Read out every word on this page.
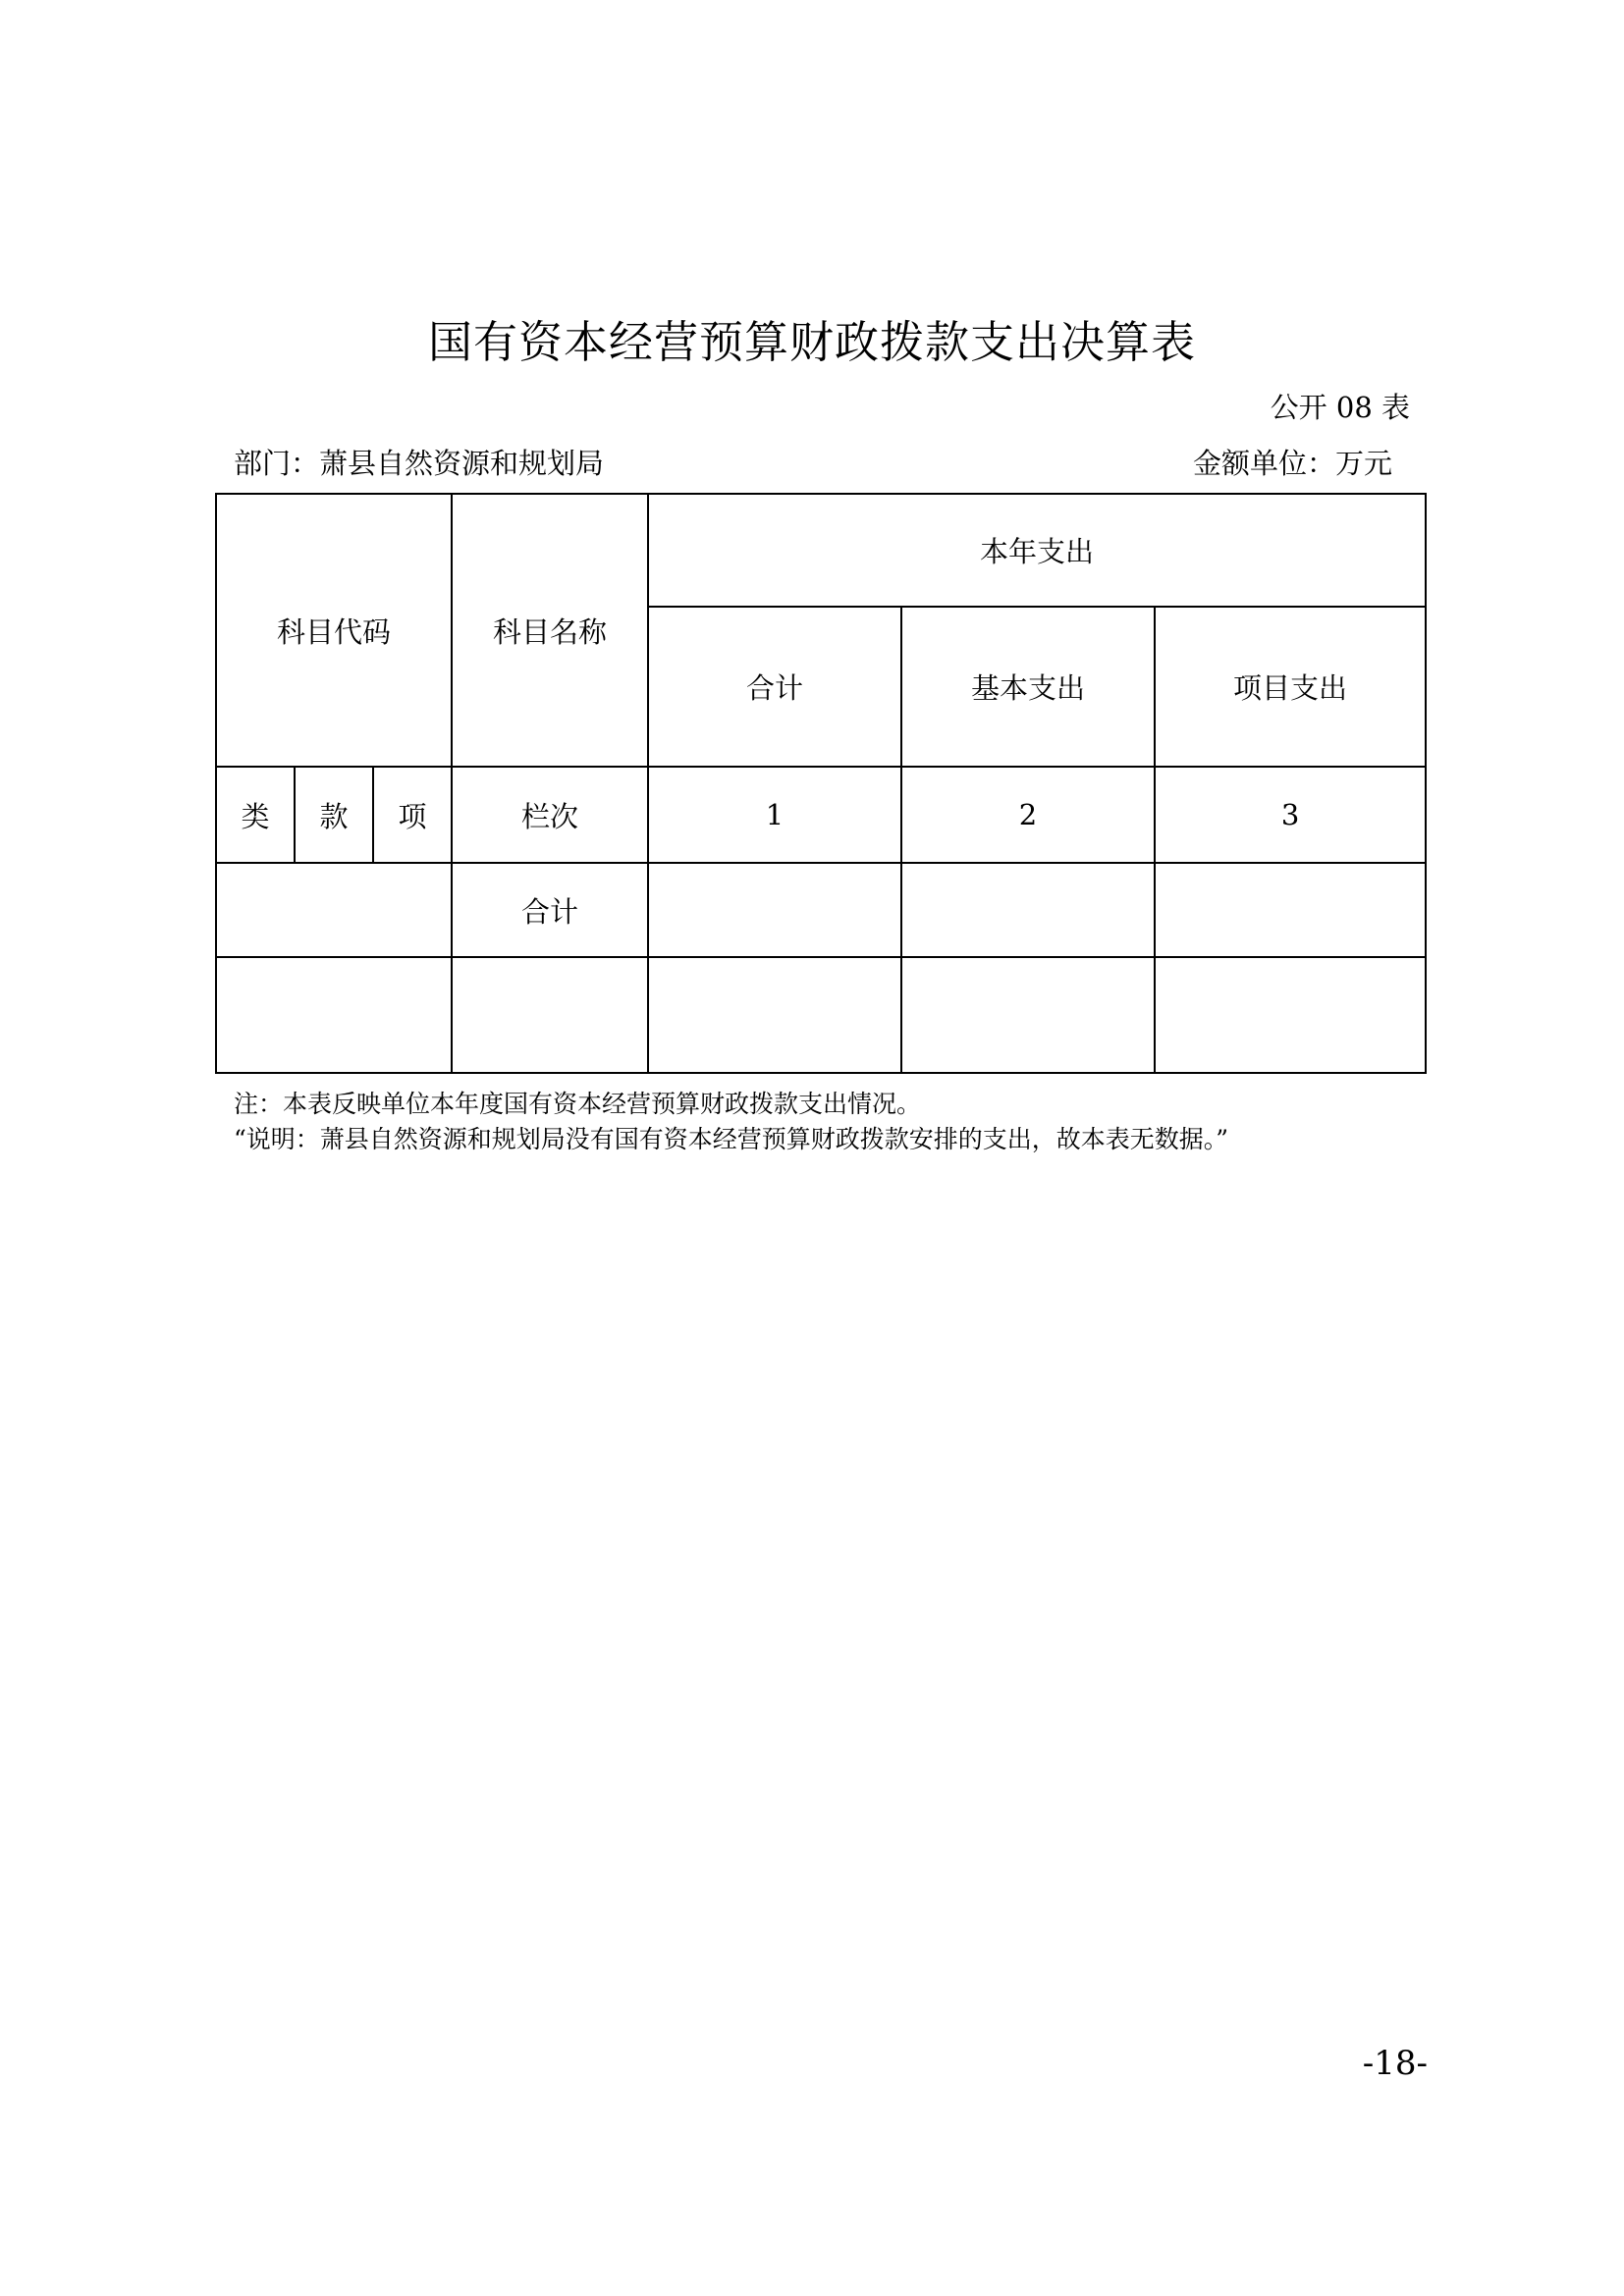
国有资本经营预算财政拨款支出决算表
公开 08 表
部门：萧县自然资源和规划局	金额单位：万元
科目代码			科目名称	本年支出		
				合计	基本支出	项目支出
类	款	项	栏次	1	2	3
			合计			

注：本表反映单位本年度国有资本经营预算财政拨款支出情况。
“说明：萧县自然资源和规划局没有国有资本经营预算财政拨款安排的支出，故本表无数据。”
-18-
